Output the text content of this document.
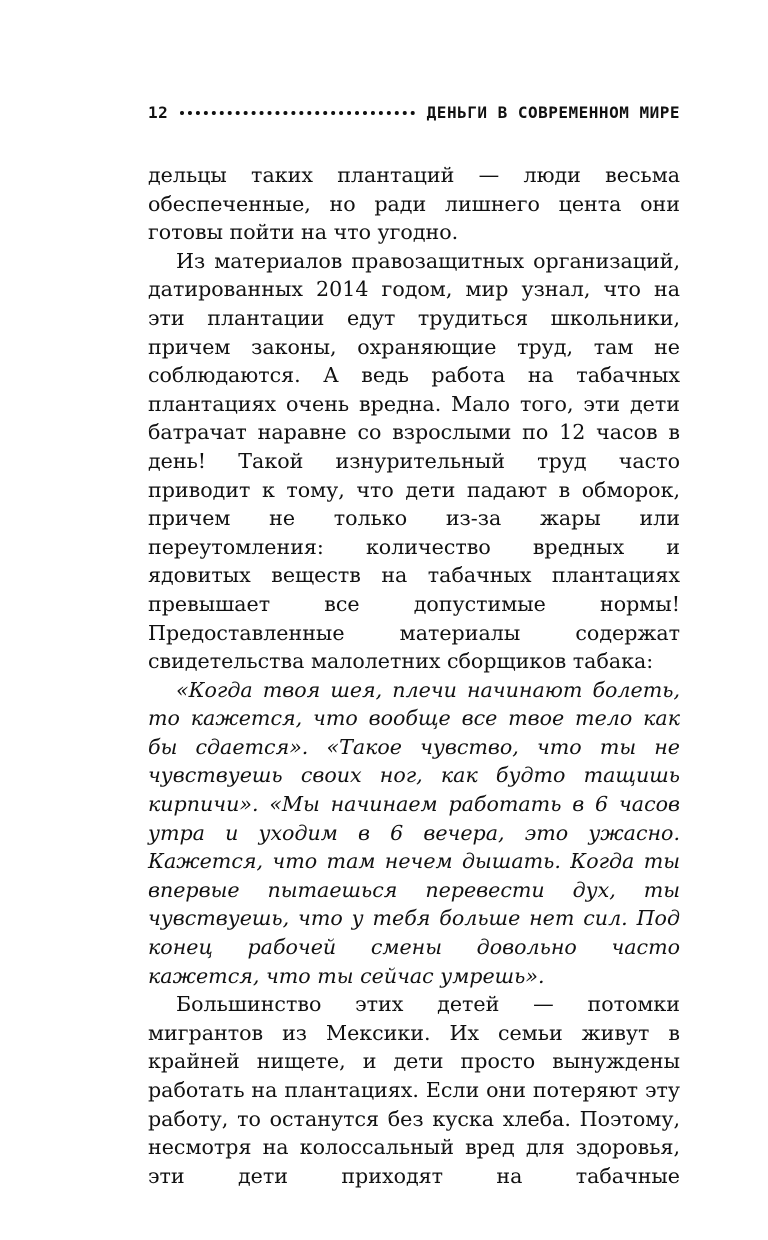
12	ДЕНЬГИ В СОВРЕМЕННОМ МИРЕ

дельцы таких плантаций — люди весьма обеспеченные, но ради лишнего цента они готовы пойти на что угодно.

Из материалов правозащитных организаций, датированных 2014 годом, мир узнал, что на эти плантации едут трудиться школьники, причем законы, охраняющие труд, там не соблюдаются. А ведь работа на табачных плантациях очень вредна. Мало того, эти дети батрачат наравне со взрослыми по 12 часов в день! Такой изнурительный труд часто приводит к тому, что дети падают в обморок, причем не только из-за жары или переутомления: количество вредных и ядовитых веществ на табачных плантациях превышает все допустимые нормы! Предоставленные материалы содержат свидетельства малолетних сборщиков табака:

«Когда твоя шея, плечи начинают болеть, то кажется, что вообще все твое тело как бы сдается». «Такое чувство, что ты не чувствуешь своих ног, как будто тащишь кирпичи». «Мы начинаем работать в 6 часов утра и уходим в 6 вечера, это ужасно. Кажется, что там нечем дышать. Когда ты впервые пытаешься перевести дух, ты чувствуешь, что у тебя больше нет сил. Под конец рабочей смены довольно часто кажется, что ты сейчас умрешь».

Большинство этих детей — потомки мигрантов из Мексики. Их семьи живут в крайней нищете, и дети просто вынуждены работать на плантациях. Если они потеряют эту работу, то останутся без куска хлеба. Поэтому, несмотря на колоссальный вред для здоровья, эти дети приходят на табачные
